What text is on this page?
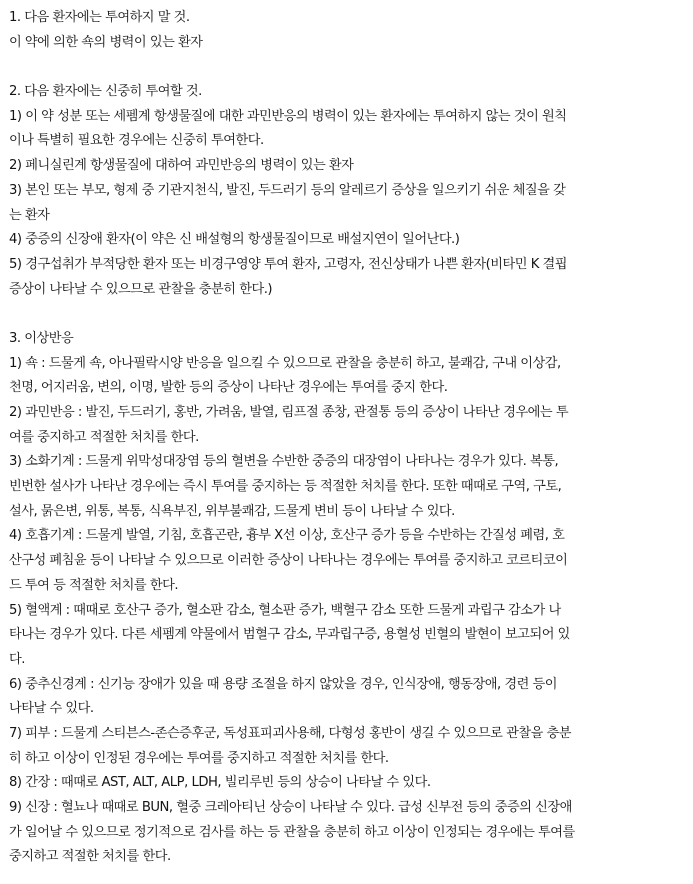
1. 다음 환자에는 투여하지 말 것.
이 약에 의한 쇽의 병력이 있는 환자
2. 다음 환자에는 신중히 투여할 것.
1) 이 약 성분 또는 세펨계 항생물질에 대한 과민반응의 병력이 있는 환자에는 투여하지 않는 것이 원칙
이나 특별히 필요한 경우에는 신중히 투여한다.
2) 페니실린계 항생물질에 대하여 과민반응의 병력이 있는 환자
3) 본인 또는 부모, 형제 중 기관지천식, 발진, 두드러기 등의 알레르기 증상을 일으키기 쉬운 체질을 갖
는 환자
4) 중증의 신장애 환자(이 약은 신 배설형의 항생물질이므로 배설지연이 일어난다.)
5) 경구섭취가 부적당한 환자 또는 비경구영양 투여 환자, 고령자, 전신상태가 나쁜 환자(비타민 K 결핍
증상이 나타날 수 있으므로 관찰을 충분히 한다.)
3. 이상반응
1) 쇽 : 드물게 쇽, 아나필락시양 반응을 일으킬 수 있으므로 관찰을 충분히 하고, 불쾌감, 구내 이상감,
천명, 어지러움, 변의, 이명, 발한 등의 증상이 나타난 경우에는 투여를 중지 한다.
2) 과민반응 : 발진, 두드러기, 홍반, 가려움, 발열, 림프절 종창, 관절통 등의 증상이 나타난 경우에는 투
여를 중지하고 적절한 처치를 한다.
3) 소화기계 : 드물게 위막성대장염 등의 혈변을 수반한 중증의 대장염이 나타나는 경우가 있다. 복통,
빈번한 설사가 나타난 경우에는 즉시 투여를 중지하는 등 적절한 처치를 한다. 또한 때때로 구역, 구토,
설사, 묽은변, 위통, 복통, 식욕부진, 위부불쾌감, 드물게 변비 등이 나타날 수 있다.
4) 호흡기계 : 드물게 발열, 기침, 호흡곤란, 흉부 X선 이상, 호산구 증가 등을 수반하는 간질성 폐렴, 호
산구성 폐침윤 등이 나타날 수 있으므로 이러한 증상이 나타나는 경우에는 투여를 중지하고 코르티코이
드 투여 등 적절한 처치를 한다.
5) 혈액계 : 때때로 호산구 증가, 혈소판 감소, 혈소판 증가, 백혈구 감소 또한 드물게 과립구 감소가 나
타나는 경우가 있다. 다른 세펨계 약물에서 범혈구 감소, 무과립구증, 용혈성 빈혈의 발현이 보고되어 있
다.
6) 중추신경계 : 신기능 장애가 있을 때 용량 조절을 하지 않았을 경우, 인식장애, 행동장애, 경련 등이
나타날 수 있다.
7) 피부 : 드물게 스티븐스-존슨증후군, 독성표피괴사용해, 다형성 홍반이 생길 수 있으므로 관찰을 충분
히 하고 이상이 인정된 경우에는 투여를 중지하고 적절한 처치를 한다.
8) 간장 : 때때로 AST, ALT, ALP, LDH, 빌리루빈 등의 상승이 나타날 수 있다.
9) 신장 : 혈뇨나 때때로 BUN, 혈중 크레아티닌 상승이 나타날 수 있다. 급성 신부전 등의 중증의 신장애
가 일어날 수 있으므로 정기적으로 검사를 하는 등 관찰을 충분히 하고 이상이 인정되는 경우에는 투여를
중지하고 적절한 처치를 한다.
